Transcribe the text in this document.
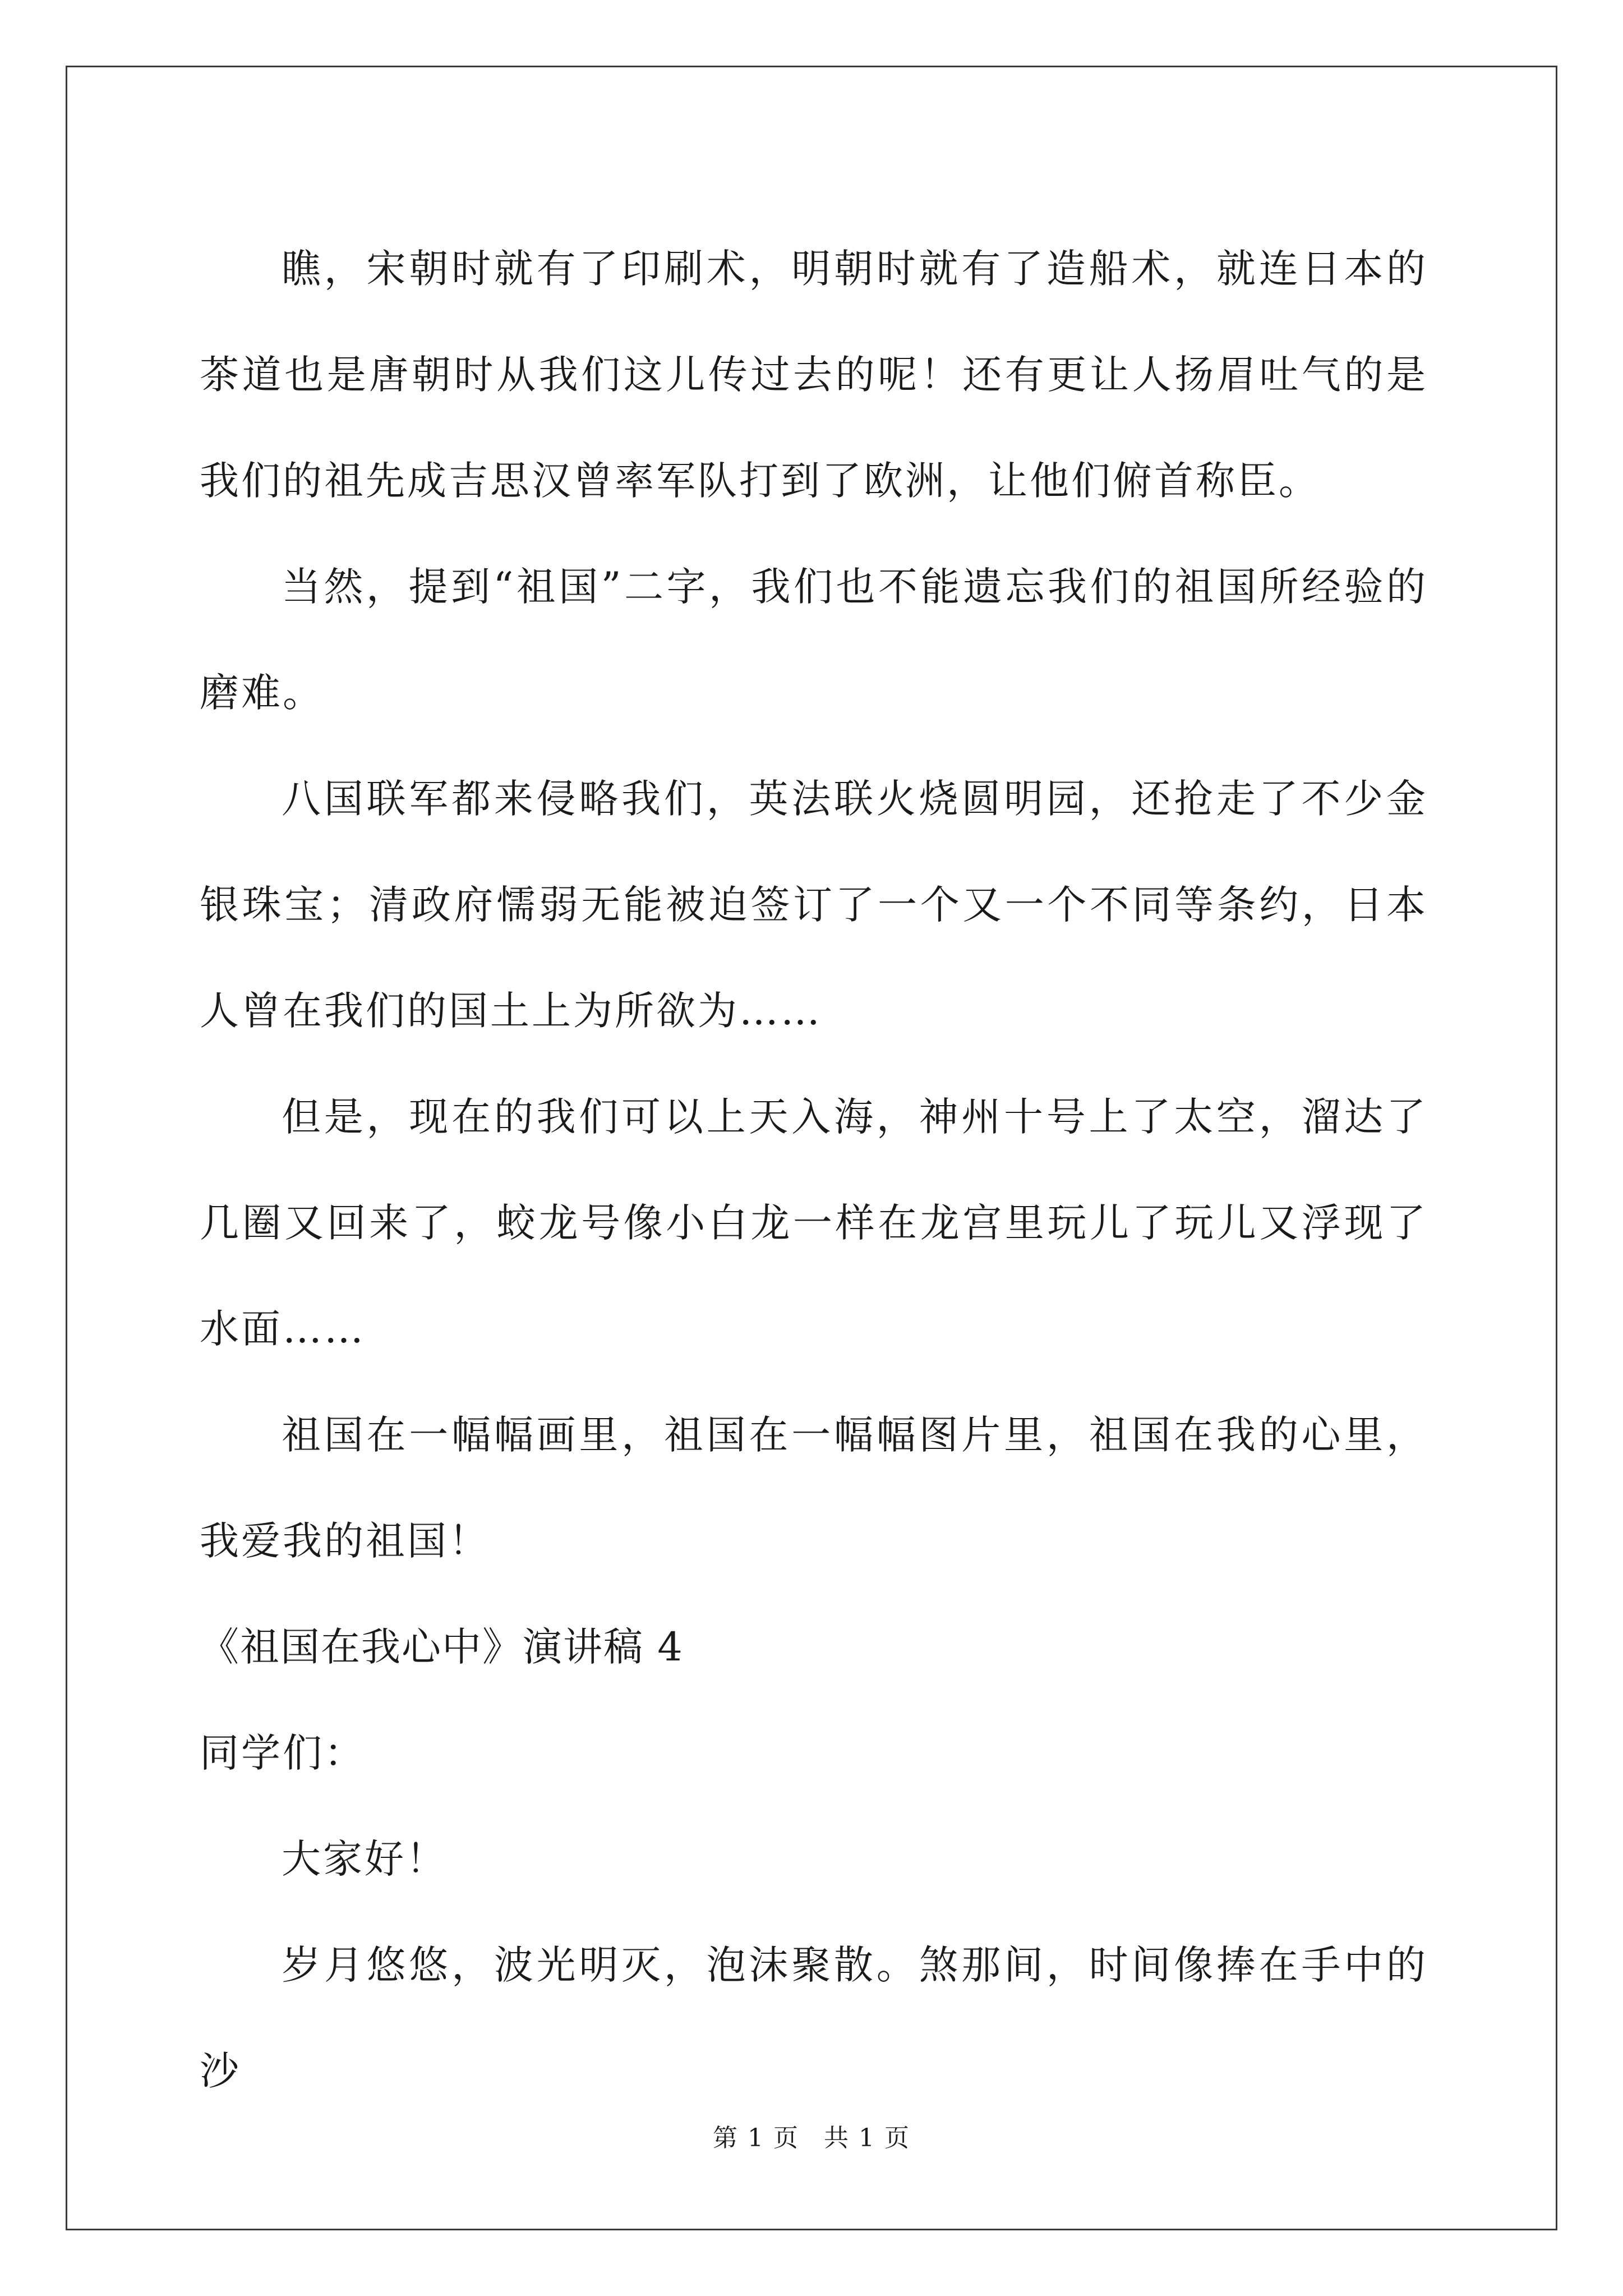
瞧，宋朝时就有了印刷术，明朝时就有了造船术，就连日本的茶道也是唐朝时从我们这儿传过去的呢！还有更让人扬眉吐气的是我们的祖先成吉思汉曾率军队打到了欧洲，让他们俯首称臣。

当然，提到“祖国”二字，我们也不能遗忘我们的祖国所经验的磨难。

八国联军都来侵略我们，英法联火烧圆明园，还抢走了不少金银珠宝；清政府懦弱无能被迫签订了一个又一个不同等条约，日本人曾在我们的国土上为所欲为……

但是，现在的我们可以上天入海，神州十号上了太空，溜达了几圈又回来了，蛟龙号像小白龙一样在龙宫里玩儿了玩儿又浮现了水面……

祖国在一幅幅画里，祖国在一幅幅图片里，祖国在我的心里，我爱我的祖国！

《祖国在我心中》演讲稿 4

同学们：

大家好！

岁月悠悠，波光明灭，泡沫聚散。煞那间，时间像捧在手中的沙

第 1 页 共 1 页
